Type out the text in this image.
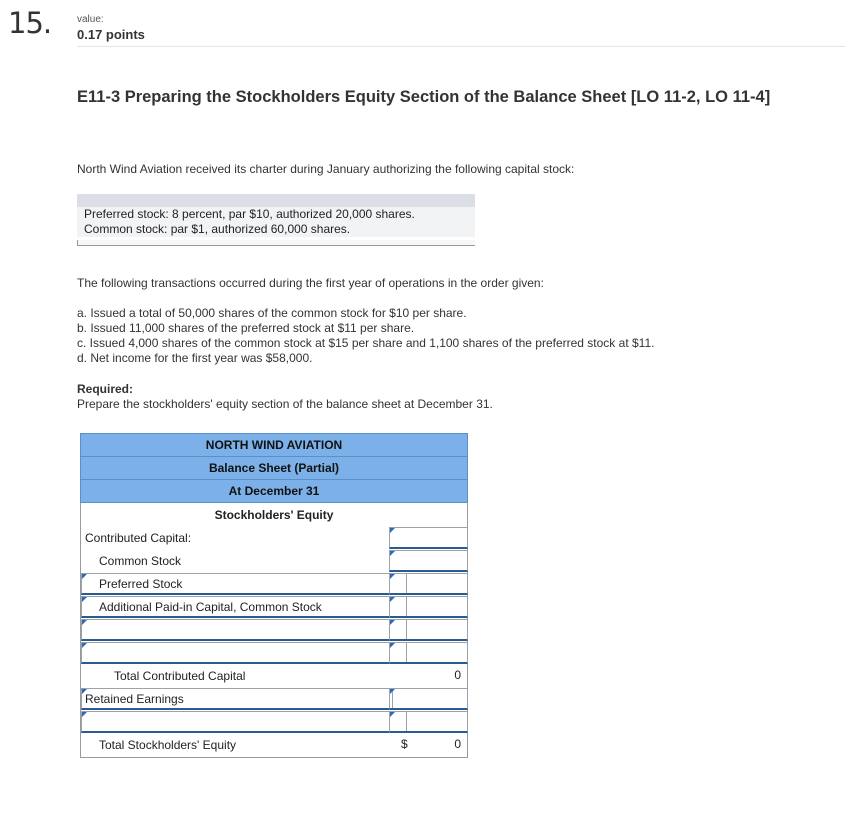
15.	value:
0.17 points
E11-3 Preparing the Stockholders Equity Section of the Balance Sheet [LO 11-2, LO 11-4]
North Wind Aviation received its charter during January authorizing the following capital stock:
Preferred stock: 8 percent, par $10, authorized 20,000 shares.
Common stock: par $1, authorized 60,000 shares.
The following transactions occurred during the first year of operations in the order given:
a. Issued a total of 50,000 shares of the common stock for $10 per share.
b. Issued 11,000 shares of the preferred stock at $11 per share.
c. Issued 4,000 shares of the common stock at $15 per share and 1,100 shares of the preferred stock at $11.
d. Net income for the first year was $58,000.
Required:
Prepare the stockholders' equity section of the balance sheet at December 31.
NORTH WIND AVIATION
Balance Sheet (Partial)
At December 31
Stockholders' Equity
Contributed Capital:
Common Stock
Preferred Stock
Additional Paid-in Capital, Common Stock
Total Contributed Capital	0
Retained Earnings
Total Stockholders' Equity	$	0
